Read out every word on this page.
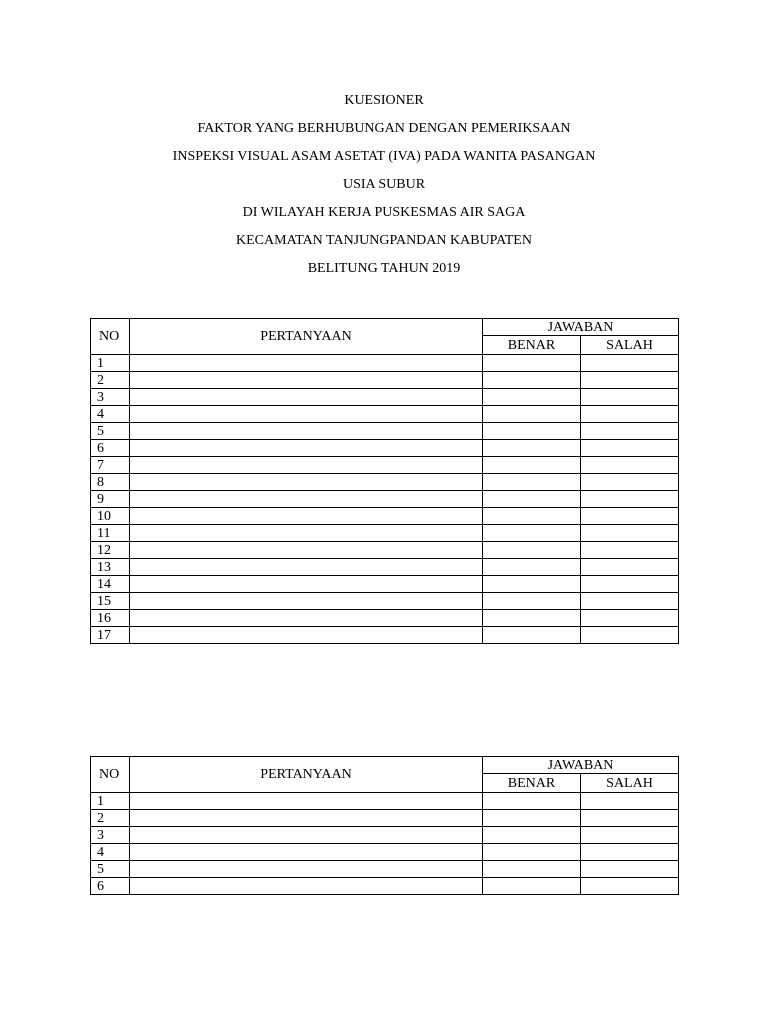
KUESIONER
FAKTOR YANG BERHUBUNGAN DENGAN PEMERIKSAAN
INSPEKSI VISUAL ASAM ASETAT (IVA) PADA WANITA PASANGAN
USIA SUBUR
DI WILAYAH KERJA PUSKESMAS AIR SAGA
KECAMATAN TANJUNGPANDAN KABUPATEN
BELITUNG TAHUN 2019
NO	PERTANYAAN	JAWABAN	
		BENAR	SALAH
1			
2			
3			
4			
5			
6			
7			
8			
9			
10			
11			
12			
13			
14			
15			
16			
17			
NO	PERTANYAAN	JAWABAN	
		BENAR	SALAH
1			
2			
3			
4			
5			
6			
